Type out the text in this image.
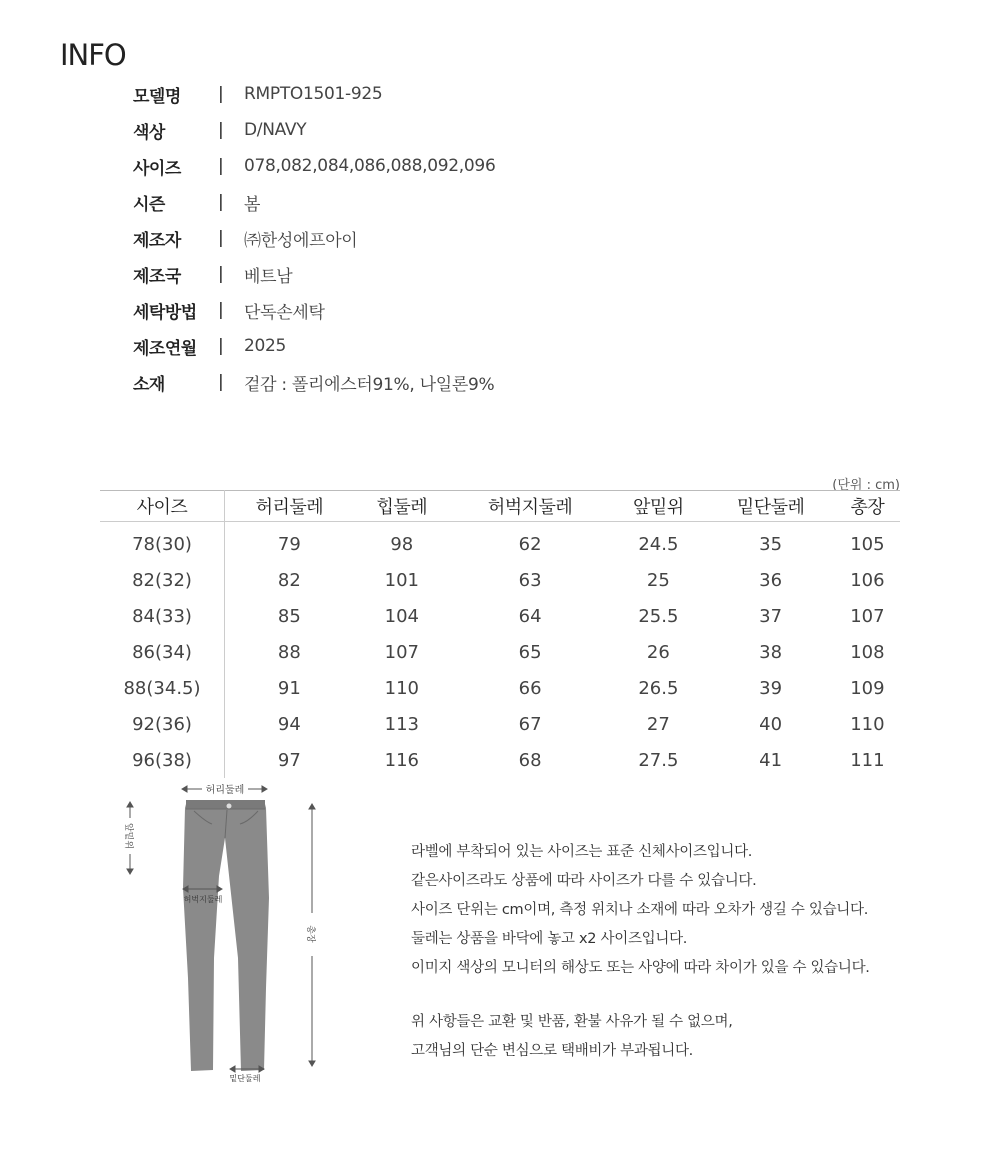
INFO
모델명	|	RMPTO1501-925
색상	|	D/NAVY
사이즈	|	078,082,084,086,088,092,096
시즌	|	봄
제조자	|	㈜한성에프아이
제조국	|	베트남
세탁방법	|	단독손세탁
제조연월	|	2025
소재	|	겉감 : 폴리에스터91%, 나일론9%
(단위 : cm)
사이즈	허리둘레	힙둘레	허벅지둘레	앞밑위	밑단둘레	총장
78(30)	79	98	62	24.5	35	105
82(32)	82	101	63	25	36	106
84(33)	85	104	64	25.5	37	107
86(34)	88	107	65	26	38	108
88(34.5)	91	110	66	26.5	39	109
92(36)	94	113	67	27	40	110
96(38)	97	116	68	27.5	41	111
허리둘레
앞밑위
허벅지둘레
총장
밑단둘레
라벨에 부착되어 있는 사이즈는 표준 신체사이즈입니다.
같은사이즈라도 상품에 따라 사이즈가 다를 수 있습니다.
사이즈 단위는 cm이며, 측정 위치나 소재에 따라 오차가 생길 수 있습니다.
둘레는 상품을 바닥에 놓고 x2 사이즈입니다.
이미지 색상의 모니터의 해상도 또는 사양에 따라 차이가 있을 수 있습니다.
위 사항들은 교환 및 반품, 환불 사유가 될 수 없으며,
고객님의 단순 변심으로 택배비가 부과됩니다.
